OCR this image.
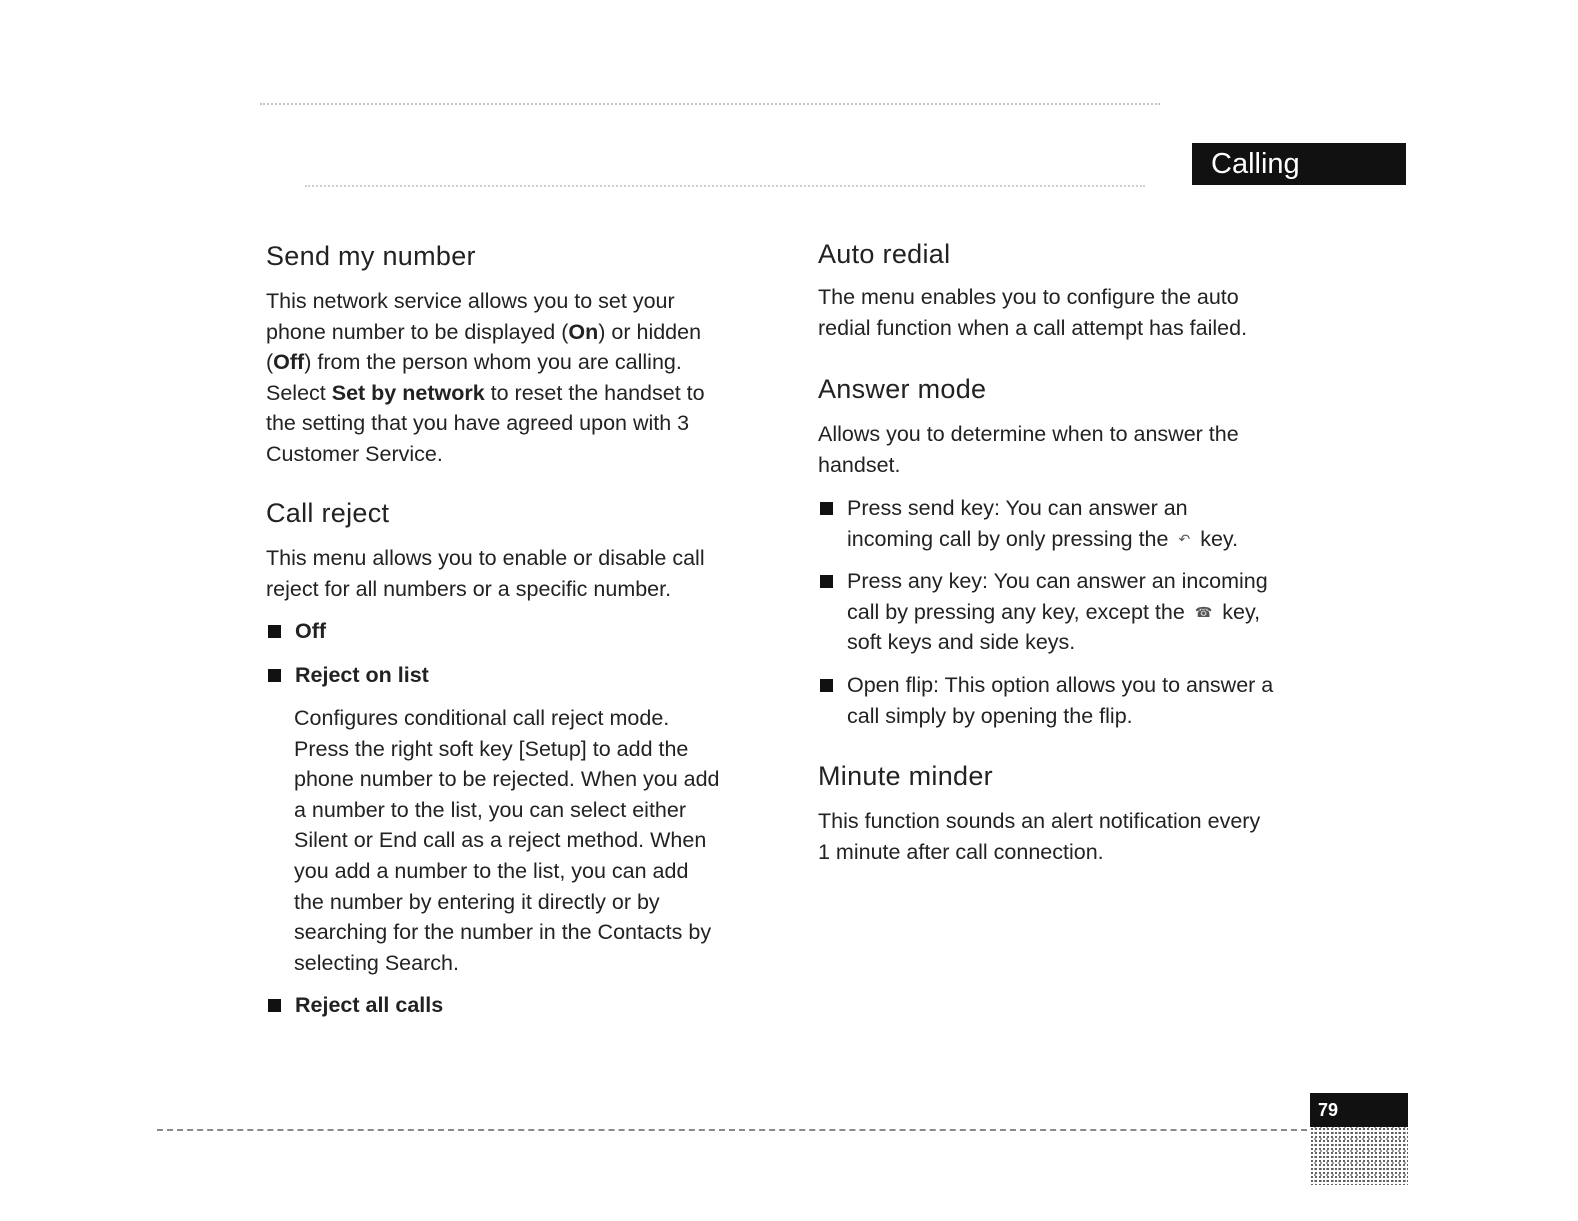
Calling
79
Send my number

This network service allows you to set your

phone number to be displayed (On) or hidden

(Off) from the person whom you are calling.

Select Set by network to reset the handset to

the setting that you have agreed upon with 3

Customer Service.

Call reject

This menu allows you to enable or disable call

reject for all numbers or a specific number.

Off
Reject on list

Configures conditional call reject mode.

Press the right soft key [Setup] to add the

phone number to be rejected. When you add

a number to the list, you can select either

Silent or End call as a reject method. When

you add a number to the list, you can add

the number by entering it directly or by

searching for the number in the Contacts by

selecting Search.

Reject all calls
Auto redial

The menu enables you to configure the auto

redial function when a call attempt has failed.

Answer mode

Allows you to determine when to answer the

handset.

Press send key: You can answer an
incoming call by only pressing the ↶ key.
Press any key: You can answer an incoming
call by pressing any key, except the ☎ key,
soft keys and side keys.
Open flip: This option allows you to answer a
call simply by opening the flip.
Minute minder

This function sounds an alert notification every

1 minute after call connection.
